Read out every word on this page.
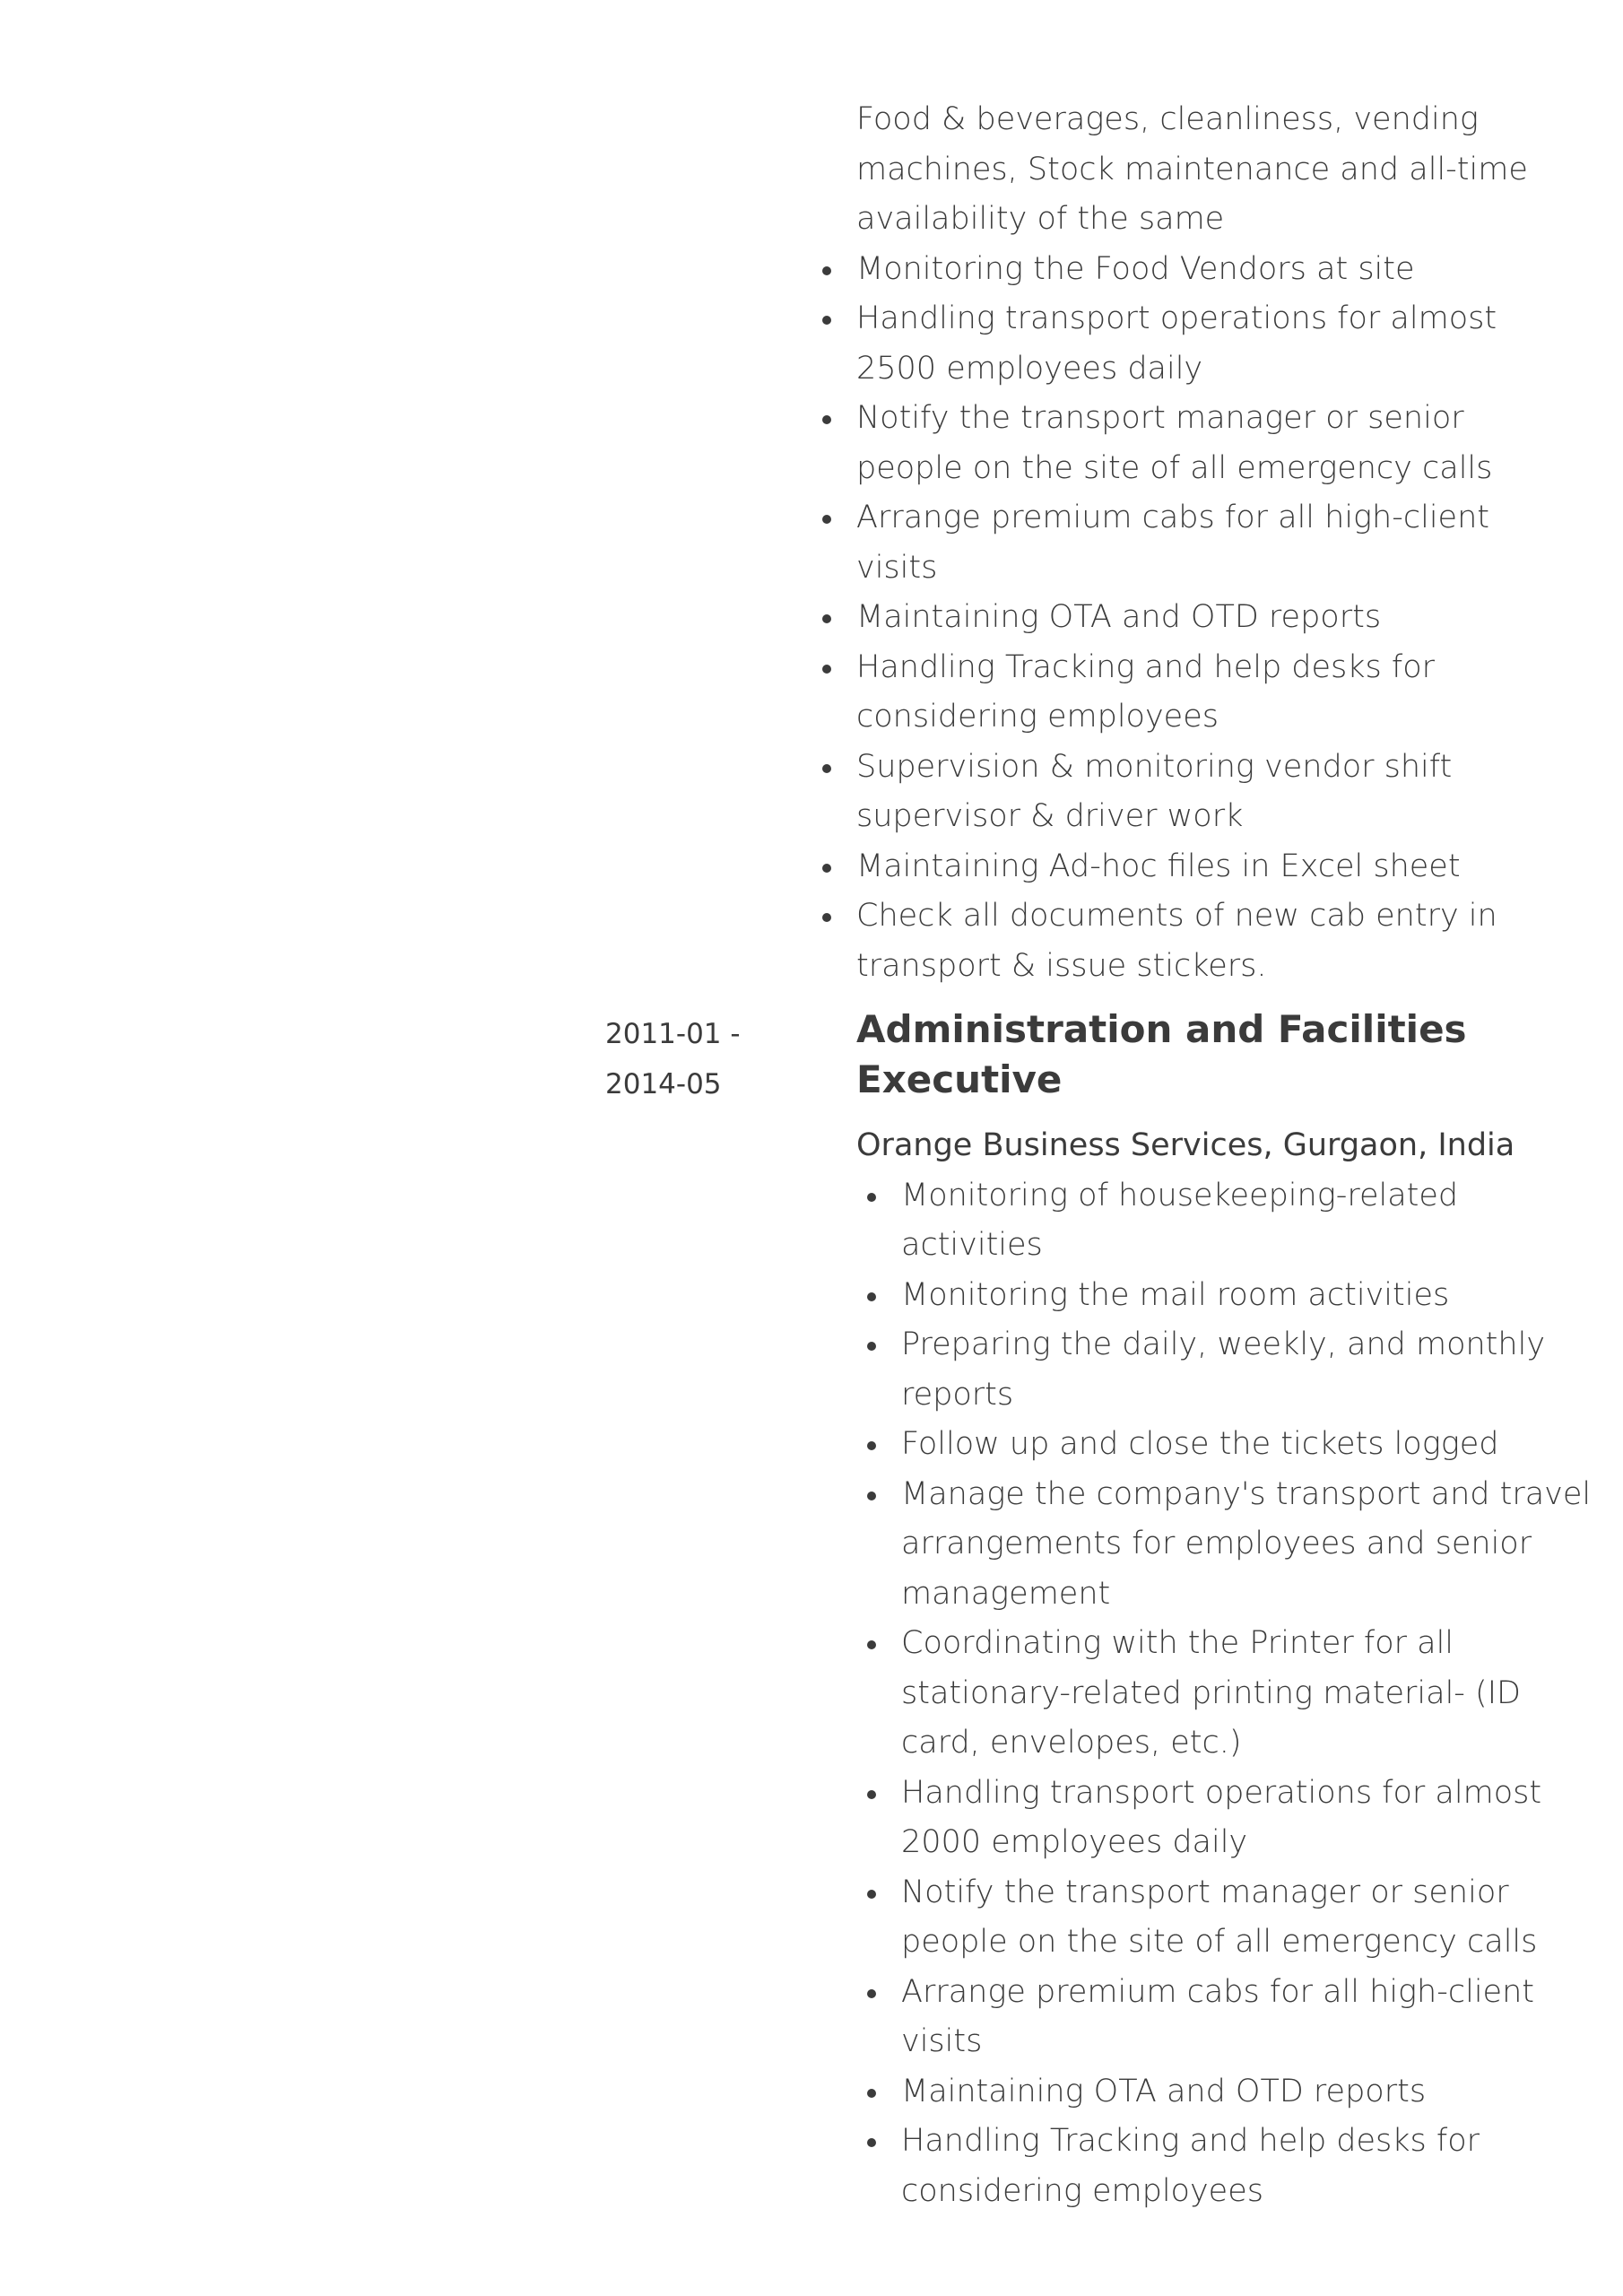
Food & beverages, cleanliness, vending machines, Stock maintenance and all-time availability of the same
Monitoring the Food Vendors at site
Handling transport operations for almost 2500 employees daily
Notify the transport manager or senior people on the site of all emergency calls
Arrange premium cabs for all high-client visits
Maintaining OTA and OTD reports
Handling Tracking and help desks for considering employees
Supervision & monitoring vendor shift supervisor & driver work
Maintaining Ad-hoc files in Excel sheet
Check all documents of new cab entry in transport & issue stickers.
2011-01 -
2014-05
Administration and Facilities Executive
Orange Business Services, Gurgaon, India
Monitoring of housekeeping-related activities
Monitoring the mail room activities
Preparing the daily, weekly, and monthly reports
Follow up and close the tickets logged
Manage the company's transport and travel arrangements for employees and senior management
Coordinating with the Printer for all stationary-related printing material- (ID card, envelopes, etc.)
Handling transport operations for almost 2000 employees daily
Notify the transport manager or senior people on the site of all emergency calls
Arrange premium cabs for all high-client visits
Maintaining OTA and OTD reports
Handling Tracking and help desks for considering employees
